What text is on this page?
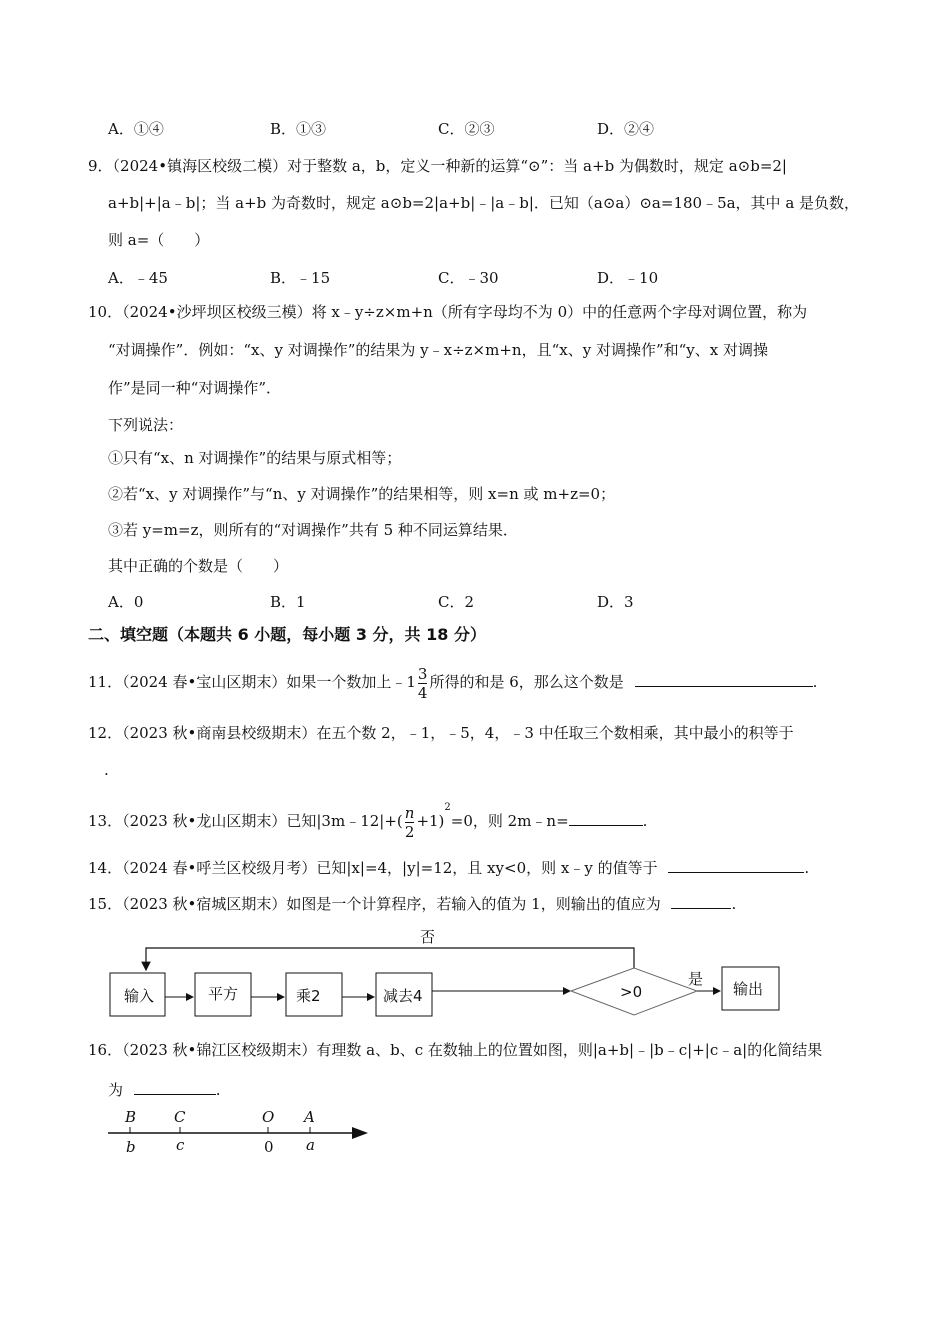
A．①④	B．①③	C．②③	D．②④
9．（2024•镇海区校级二模）对于整数 a，b，定义一种新的运算“⊙”：当 a+b 为偶数时，规定 a⊙b=2|
a+b|+|a﹣b|；当 a+b 为奇数时，规定 a⊙b=2|a+b|﹣|a﹣b|．已知（a⊙a）⊙a=180﹣5a，其中 a 是负数，
则 a=（　　）
A．﹣45	B．﹣15	C．﹣30	D．﹣10
10．（2024•沙坪坝区校级三模）将 x﹣y÷z×m+n（所有字母均不为 0）中的任意两个字母对调位置，称为
“对调操作”．例如：“x、y 对调操作”的结果为 y﹣x÷z×m+n，且“x、y 对调操作”和“y、x 对调操
作”是同一种“对调操作”．
下列说法：
①只有“x、n 对调操作”的结果与原式相等；
②若“x、y 对调操作”与“n、y 对调操作”的结果相等，则 x=n 或 m+z=0；
③若 y=m=z，则所有的“对调操作”共有 5 种不同运算结果．
其中正确的个数是（　　）
A．0	B．1	C．2	D．3
二、填空题（本题共 6 小题，每小题 3 分，共 18 分）
11．（2024 春•宝山区期末）如果一个数加上﹣1 $\frac{3}{4}$ 所得的和是 6，那么这个数是	.
12．（2023 秋•商南县校级期末）在五个数 2，﹣1，﹣5，4，﹣3 中任取三个数相乘，其中最小的积等于
.
13．（2023 秋•龙山区期末）已知|3m﹣12|+( $\frac{n}{2} +1)^2=0$，则 2m﹣n=	.
14．（2024 春•呼兰区校级月考）已知|x|=4，|y|=12，且 xy<0，则 x﹣y 的值等于	.
15．（2023 秋•宿城区期末）如图是一个计算程序，若输入的值为 1，则输出的值应为	.
否
输入	平方	乘2	减去4	>0
是
输出
16．（2023 秋•锦江区校级期末）有理数 a、b、c 在数轴上的位置如图，则|a+b|﹣|b﹣c|+|c﹣a|的化简结果
为	.
B	C	O A
b	c	0 a
